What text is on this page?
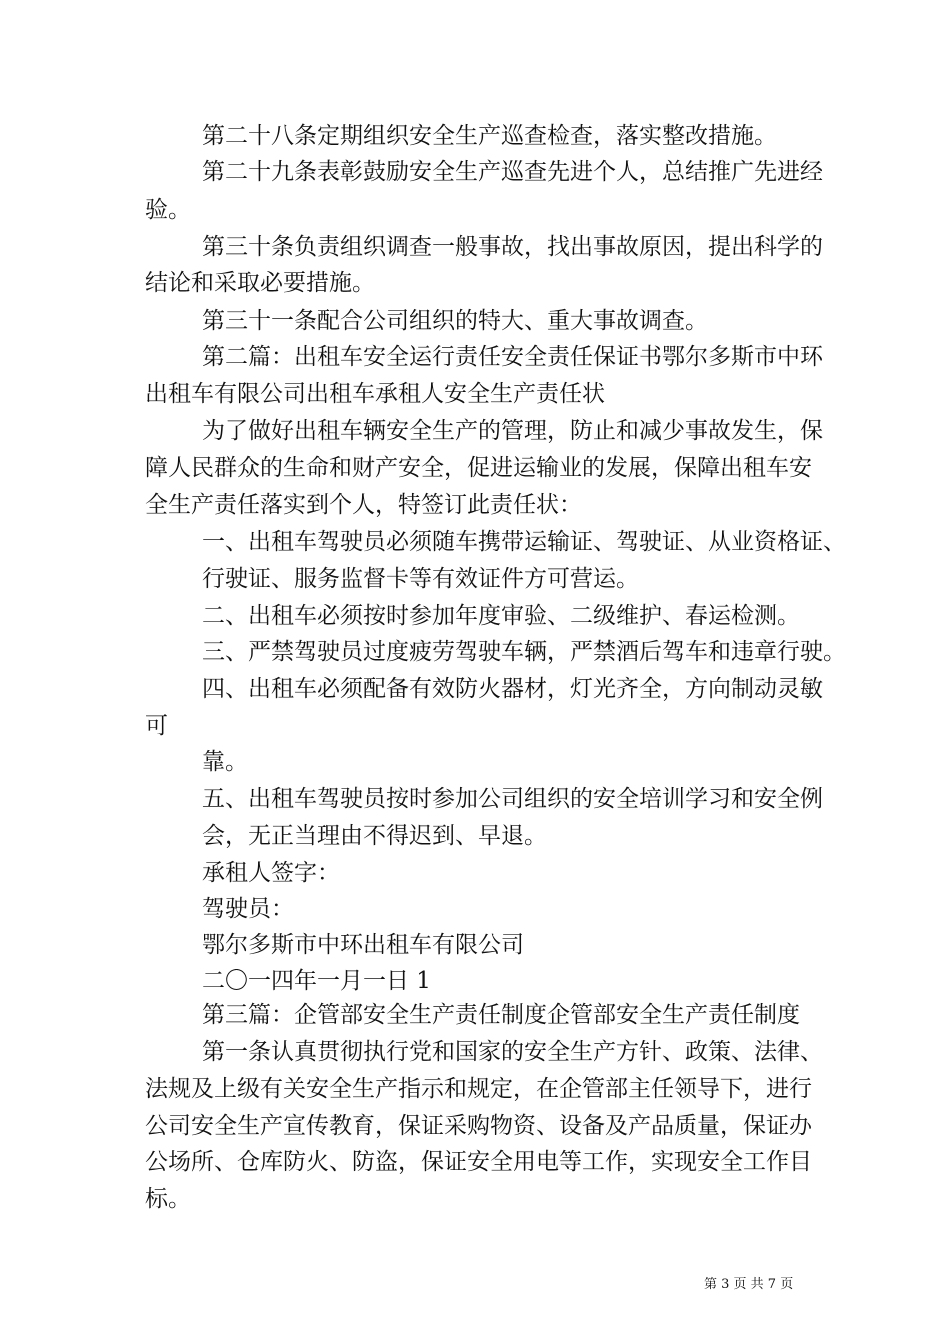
第二十八条定期组织安全生产巡查检查，落实整改措施。
第二十九条表彰鼓励安全生产巡查先进个人，总结推广先进经
验。
第三十条负责组织调查一般事故，找出事故原因，提出科学的
结论和采取必要措施。
第三十一条配合公司组织的特大、重大事故调查。
第二篇：出租车安全运行责任安全责任保证书鄂尔多斯市中环
出租车有限公司出租车承租人安全生产责任状
为了做好出租车辆安全生产的管理，防止和减少事故发生，保
障人民群众的生命和财产安全，促进运输业的发展，保障出租车安
全生产责任落实到个人，特签订此责任状：
一、出租车驾驶员必须随车携带运输证、驾驶证、从业资格证、
行驶证、服务监督卡等有效证件方可营运。
二、出租车必须按时参加年度审验、二级维护、春运检测。
三、严禁驾驶员过度疲劳驾驶车辆，严禁酒后驾车和违章行驶。
四、出租车必须配备有效防火器材，灯光齐全，方向制动灵敏
可
靠。
五、出租车驾驶员按时参加公司组织的安全培训学习和安全例
会，无正当理由不得迟到、早退。
承租人签字：
驾驶员：
鄂尔多斯市中环出租车有限公司
二〇一四年一月一日 1
第三篇：企管部安全生产责任制度企管部安全生产责任制度
第一条认真贯彻执行党和国家的安全生产方针、政策、法律、
法规及上级有关安全生产指示和规定，在企管部主任领导下，进行
公司安全生产宣传教育，保证采购物资、设备及产品质量，保证办
公场所、仓库防火、防盗，保证安全用电等工作，实现安全工作目
标。
第 3 页 共 7 页
